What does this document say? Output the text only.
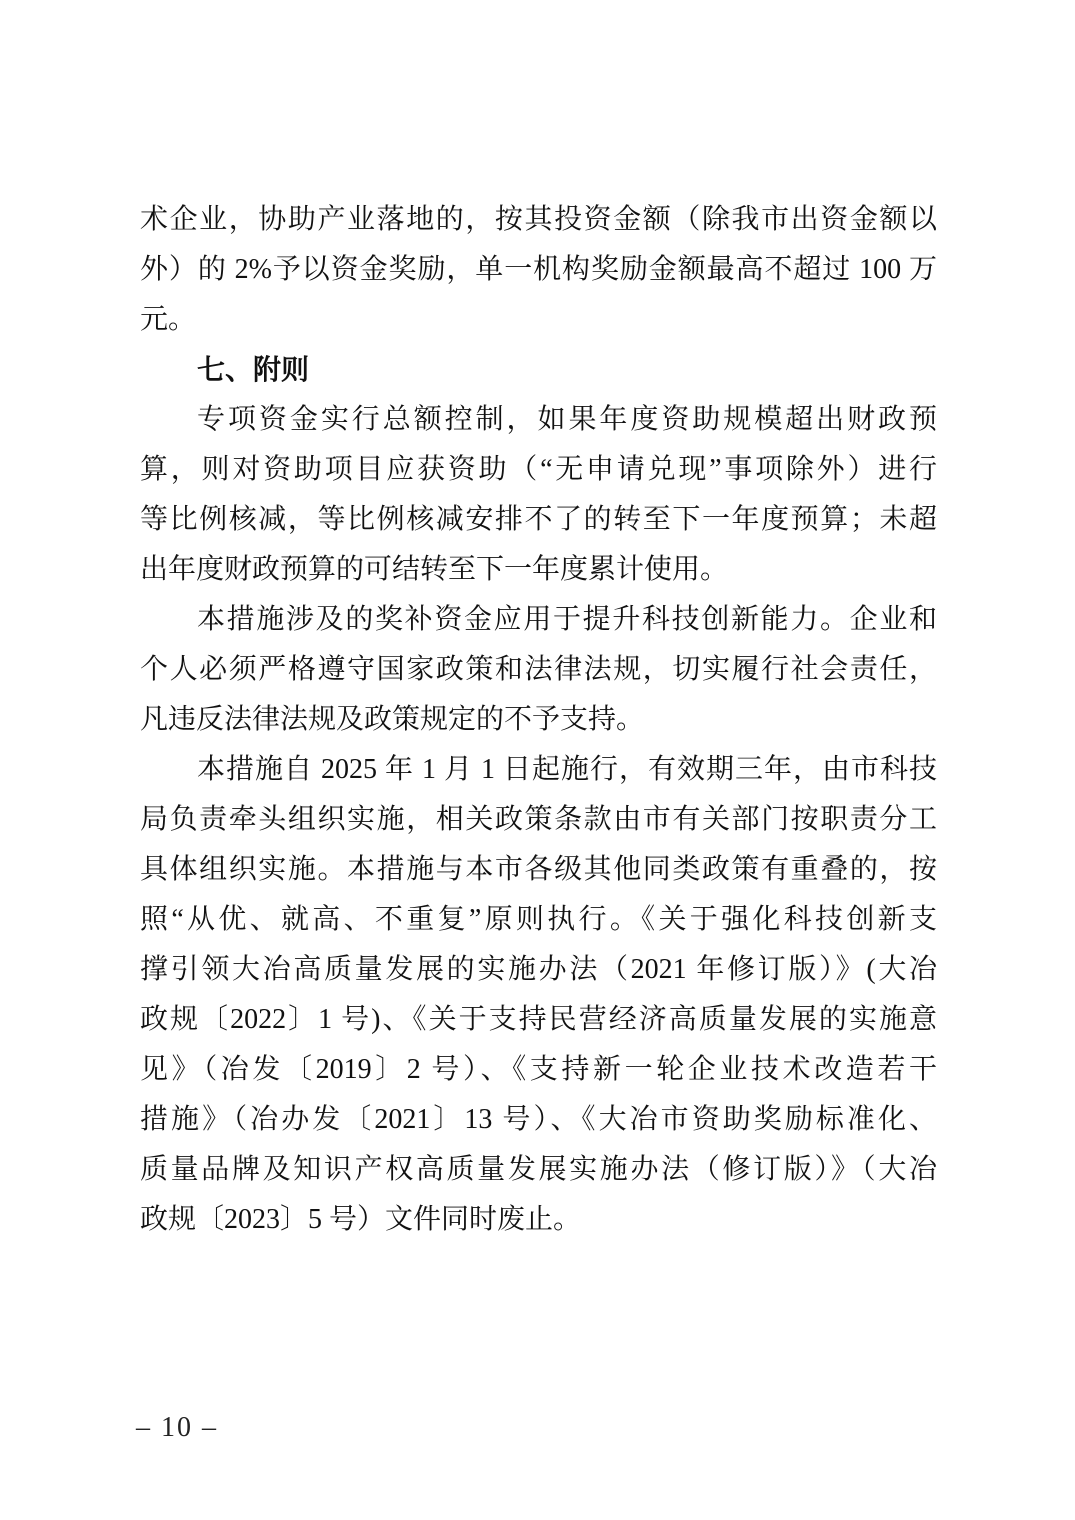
术企业，协助产业落地的，按其投资金额（除我市出资金额以
外）的 2%予以资金奖励，单一机构奖励金额最高不超过 100 万
元。
七、附则
专项资金实行总额控制，如果年度资助规模超出财政预
算，则对资助项目应获资助（“无申请兑现”事项除外）进行
等比例核减，等比例核减安排不了的转至下一年度预算；未超
出年度财政预算的可结转至下一年度累计使用。
本措施涉及的奖补资金应用于提升科技创新能力。企业和
个人必须严格遵守国家政策和法律法规，切实履行社会责任，
凡违反法律法规及政策规定的不予支持。
本措施自 2025 年 1 月 1 日起施行，有效期三年，由市科技
局负责牵头组织实施，相关政策条款由市有关部门按职责分工
具体组织实施。本措施与本市各级其他同类政策有重叠的，按
照“从优、就高、不重复”原则执行。《关于强化科技创新支
撑引领大冶高质量发展的实施办法（2021 年修订版）》(大冶
政规〔2022〕1 号)、《关于支持民营经济高质量发展的实施意
见》（冶发〔2019〕2 号）、《支持新一轮企业技术改造若干
措施》（冶办发〔2021〕13 号）、《大冶市资助奖励标准化、
质量品牌及知识产权高质量发展实施办法（修订版）》（大冶
政规〔2023〕5 号）文件同时废止。
– 10 –
